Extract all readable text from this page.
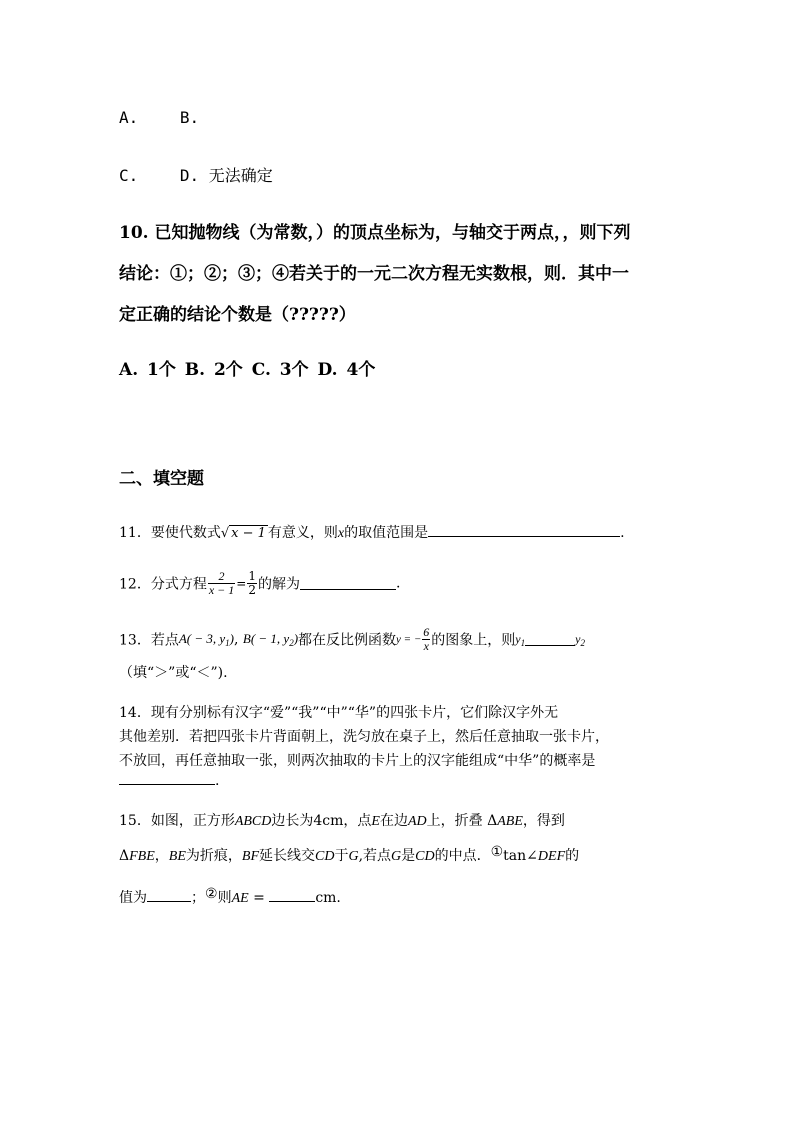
A.	B.
C.	D. 无法确定
10. 已知抛物线（为常数，）的顶点坐标为，与轴交于两点，，则下列
结论：①；②；③；④若关于的一元二次方程无实数根，则．其中一
定正确的结论个数是（?????）
A. 1个 B. 2个 C. 3个 D. 4个
二、填空题
11．要使代数式√ x − 1 有意义，则x的取值范围是	.
12．分式方程 $\frac{2}{x - 1} = \frac{1}{2}$ 的解为	.
13．若点A( − 3, $y_1$), B( − 1, $y_2$)都在反比例函数y = − $\frac{6}{x}$ 的图象上，则$y_1$	$y_2$
（填“＞”或“＜”).
14．现有分别标有汉字“爱”“我”“中”“华”的四张卡片，它们除汉字外无
其他差别．若把四张卡片背面朝上，洗匀放在桌子上，然后任意抽取一张卡片，
不放回，再任意抽取一张，则两次抽取的卡片上的汉字能组成“中华”的概率是
.
15．如图，正方形ABCD边长为4cm，点E在边AD上，折叠 ΔABE，得到
ΔFBE，BE为折痕，BF延长线交CD于G,若点G是CD的中点．①tan∠DEF的
值为	；②则AE =	cm.
